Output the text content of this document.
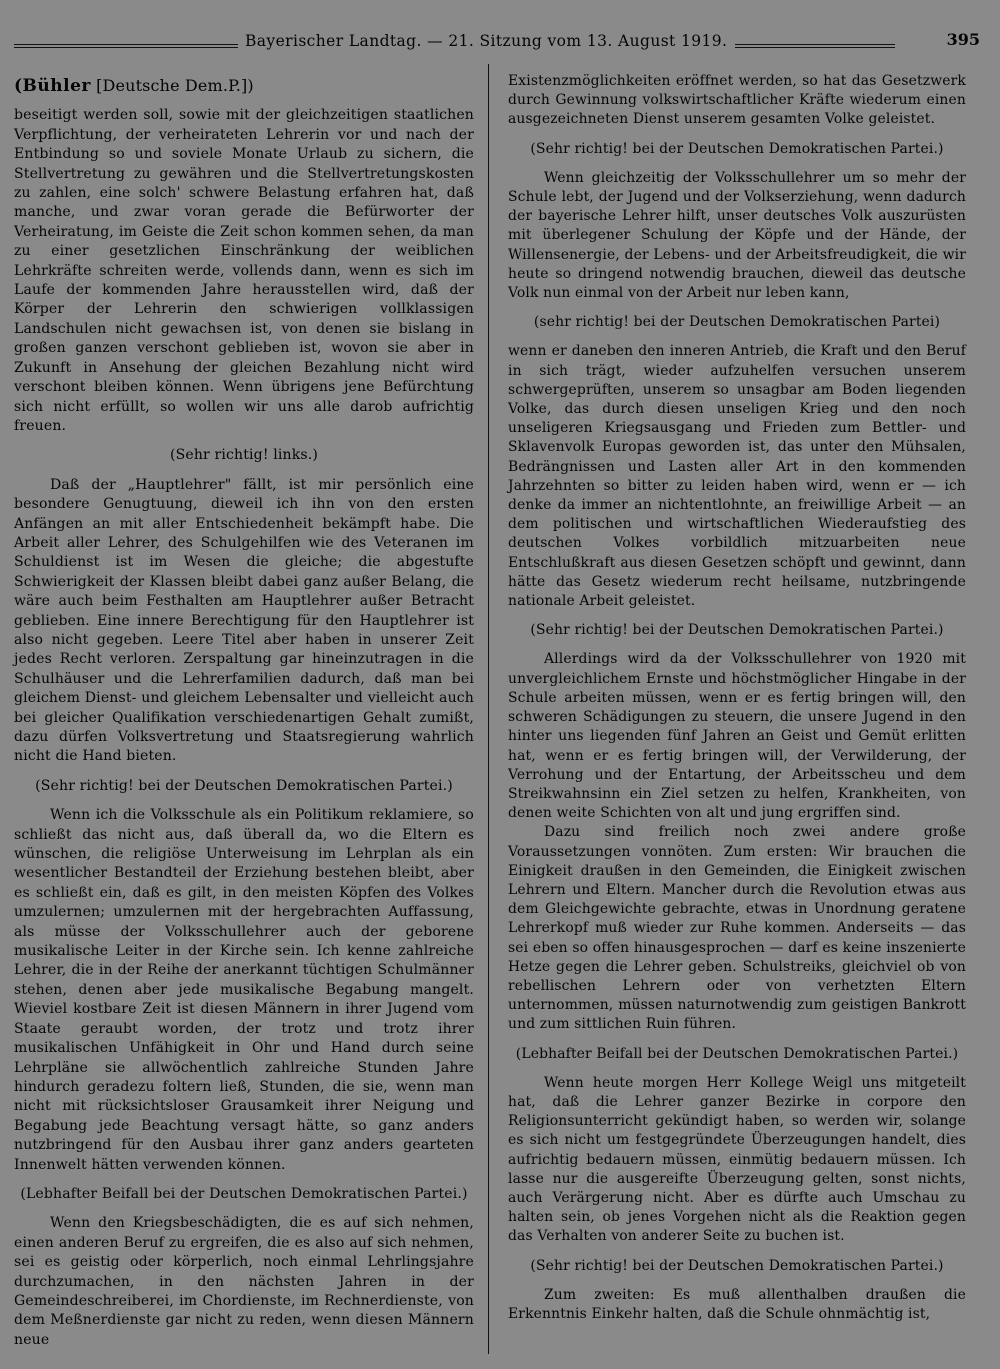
Bayerischer Landtag. — 21. Sitzung vom 13. August 1919.	395

(Bühler [Deutsche Dem.P.])

beseitigt werden soll, sowie mit der gleichzeitigen staatlichen Verpflichtung, der verheirateten Lehrerin vor und nach der Entbindung so und soviele Monate Urlaub zu sichern, die Stellvertretung zu gewähren und die Stellvertretungskosten zu zahlen, eine solch' schwere Belastung erfahren hat, daß manche, und zwar voran gerade die Befürworter der Verheiratung, im Geiste die Zeit schon kommen sehen, da man zu einer gesetzlichen Einschränkung der weiblichen Lehrkräfte schreiten werde, vollends dann, wenn es sich im Laufe der kommenden Jahre herausstellen wird, daß der Körper der Lehrerin den schwierigen vollklassigen Landschulen nicht gewachsen ist, von denen sie bislang in großen ganzen verschont geblieben ist, wovon sie aber in Zukunft in Ansehung der gleichen Bezahlung nicht wird verschont bleiben können. Wenn übrigens jene Befürchtung sich nicht erfüllt, so wollen wir uns alle darob aufrichtig freuen.

(Sehr richtig! links.)

Daß der „Hauptlehrer" fällt, ist mir persönlich eine besondere Genugtuung, dieweil ich ihn von den ersten Anfängen an mit aller Entschiedenheit bekämpft habe. Die Arbeit aller Lehrer, des Schulgehilfen wie des Veteranen im Schuldienst ist im Wesen die gleiche; die abgestufte Schwierigkeit der Klassen bleibt dabei ganz außer Belang, die wäre auch beim Festhalten am Hauptlehrer außer Betracht geblieben. Eine innere Berechtigung für den Hauptlehrer ist also nicht gegeben. Leere Titel aber haben in unserer Zeit jedes Recht verloren. Zerspaltung gar hineinzutragen in die Schulhäuser und die Lehrerfamilien dadurch, daß man bei gleichem Dienst- und gleichem Lebensalter und vielleicht auch bei gleicher Qualifikation verschiedenartigen Gehalt zumißt, dazu dürfen Volksvertretung und Staatsregierung wahrlich nicht die Hand bieten.

(Sehr richtig! bei der Deutschen Demokratischen Partei.)

Wenn ich die Volksschule als ein Politikum reklamiere, so schließt das nicht aus, daß überall da, wo die Eltern es wünschen, die religiöse Unterweisung im Lehrplan als ein wesentlicher Bestandteil der Erziehung bestehen bleibt, aber es schließt ein, daß es gilt, in den meisten Köpfen des Volkes umzulernen; umzulernen mit der hergebrachten Auffassung, als müsse der Volksschullehrer auch der geborene musikalische Leiter in der Kirche sein. Ich kenne zahlreiche Lehrer, die in der Reihe der anerkannt tüchtigen Schulmänner stehen, denen aber jede musikalische Begabung mangelt. Wieviel kostbare Zeit ist diesen Männern in ihrer Jugend vom Staate geraubt worden, der trotz und trotz ihrer musikalischen Unfähigkeit in Ohr und Hand durch seine Lehrpläne sie allwöchentlich zahlreiche Stunden Jahre hindurch geradezu foltern ließ, Stunden, die sie, wenn man nicht mit rücksichtsloser Grausamkeit ihrer Neigung und Begabung jede Beachtung versagt hätte, so ganz anders nutzbringend für den Ausbau ihrer ganz anders gearteten Innenwelt hätten verwenden können.

(Lebhafter Beifall bei der Deutschen Demokratischen Partei.)

Wenn den Kriegsbeschädigten, die es auf sich nehmen, einen anderen Beruf zu ergreifen, die es also auf sich nehmen, sei es geistig oder körperlich, noch einmal Lehrlingsjahre durchzumachen, in den nächsten Jahren in der Gemeindeschreiberei, im Chordienste, im Rechnerdienste, von dem Meßnerdienste gar nicht zu reden, wenn diesen Männern neue

Existenzmöglichkeiten eröffnet werden, so hat das Gesetzwerk durch Gewinnung volkswirtschaftlicher Kräfte wiederum einen ausgezeichneten Dienst unserem gesamten Volke geleistet.

(Sehr richtig! bei der Deutschen Demokratischen Partei.)

Wenn gleichzeitig der Volksschullehrer um so mehr der Schule lebt, der Jugend und der Volkserziehung, wenn dadurch der bayerische Lehrer hilft, unser deutsches Volk auszurüsten mit überlegener Schulung der Köpfe und der Hände, der Willensenergie, der Lebens- und der Arbeitsfreudigkeit, die wir heute so dringend notwendig brauchen, dieweil das deutsche Volk nun einmal von der Arbeit nur leben kann,

(sehr richtig! bei der Deutschen Demokratischen Partei)

wenn er daneben den inneren Antrieb, die Kraft und den Beruf in sich trägt, wieder aufzuhelfen versuchen unserem schwergeprüften, unserem so unsagbar am Boden liegenden Volke, das durch diesen unseligen Krieg und den noch unseligeren Kriegsausgang und Frieden zum Bettler- und Sklavenvolk Europas geworden ist, das unter den Mühsalen, Bedrängnissen und Lasten aller Art in den kommenden Jahrzehnten so bitter zu leiden haben wird, wenn er — ich denke da immer an nichtentlohnte, an freiwillige Arbeit — an dem politischen und wirtschaftlichen Wiederaufstieg des deutschen Volkes vorbildlich mitzuarbeiten neue Entschlußkraft aus diesen Gesetzen schöpft und gewinnt, dann hätte das Gesetz wiederum recht heilsame, nutzbringende nationale Arbeit geleistet.

(Sehr richtig! bei der Deutschen Demokratischen Partei.)

Allerdings wird da der Volksschullehrer von 1920 mit unvergleichlichem Ernste und höchstmöglicher Hingabe in der Schule arbeiten müssen, wenn er es fertig bringen will, den schweren Schädigungen zu steuern, die unsere Jugend in den hinter uns liegenden fünf Jahren an Geist und Gemüt erlitten hat, wenn er es fertig bringen will, der Verwilderung, der Verrohung und der Entartung, der Arbeitsscheu und dem Streikwahnsinn ein Ziel setzen zu helfen, Krankheiten, von denen weite Schichten von alt und jung ergriffen sind.

Dazu sind freilich noch zwei andere große Voraussetzungen vonnöten. Zum ersten: Wir brauchen die Einigkeit draußen in den Gemeinden, die Einigkeit zwischen Lehrern und Eltern. Mancher durch die Revolution etwas aus dem Gleichgewichte gebrachte, etwas in Unordnung geratene Lehrerkopf muß wieder zur Ruhe kommen. Anderseits — das sei eben so offen hinausgesprochen — darf es keine inszenierte Hetze gegen die Lehrer geben. Schulstreiks, gleichviel ob von rebellischen Lehrern oder von verhetzten Eltern unternommen, müssen naturnotwendig zum geistigen Bankrott und zum sittlichen Ruin führen.

(Lebhafter Beifall bei der Deutschen Demokratischen Partei.)

Wenn heute morgen Herr Kollege Weigl uns mitgeteilt hat, daß die Lehrer ganzer Bezirke in corpore den Religionsunterricht gekündigt haben, so werden wir, solange es sich nicht um festgegründete Überzeugungen handelt, dies aufrichtig bedauern müssen, einmütig bedauern müssen. Ich lasse nur die ausgereifte Überzeugung gelten, sonst nichts, auch Verärgerung nicht. Aber es dürfte auch Umschau zu halten sein, ob jenes Vorgehen nicht als die Reaktion gegen das Verhalten von anderer Seite zu buchen ist.

(Sehr richtig! bei der Deutschen Demokratischen Partei.)

Zum zweiten: Es muß allenthalben draußen die Erkenntnis Einkehr halten, daß die Schule ohnmächtig ist,
